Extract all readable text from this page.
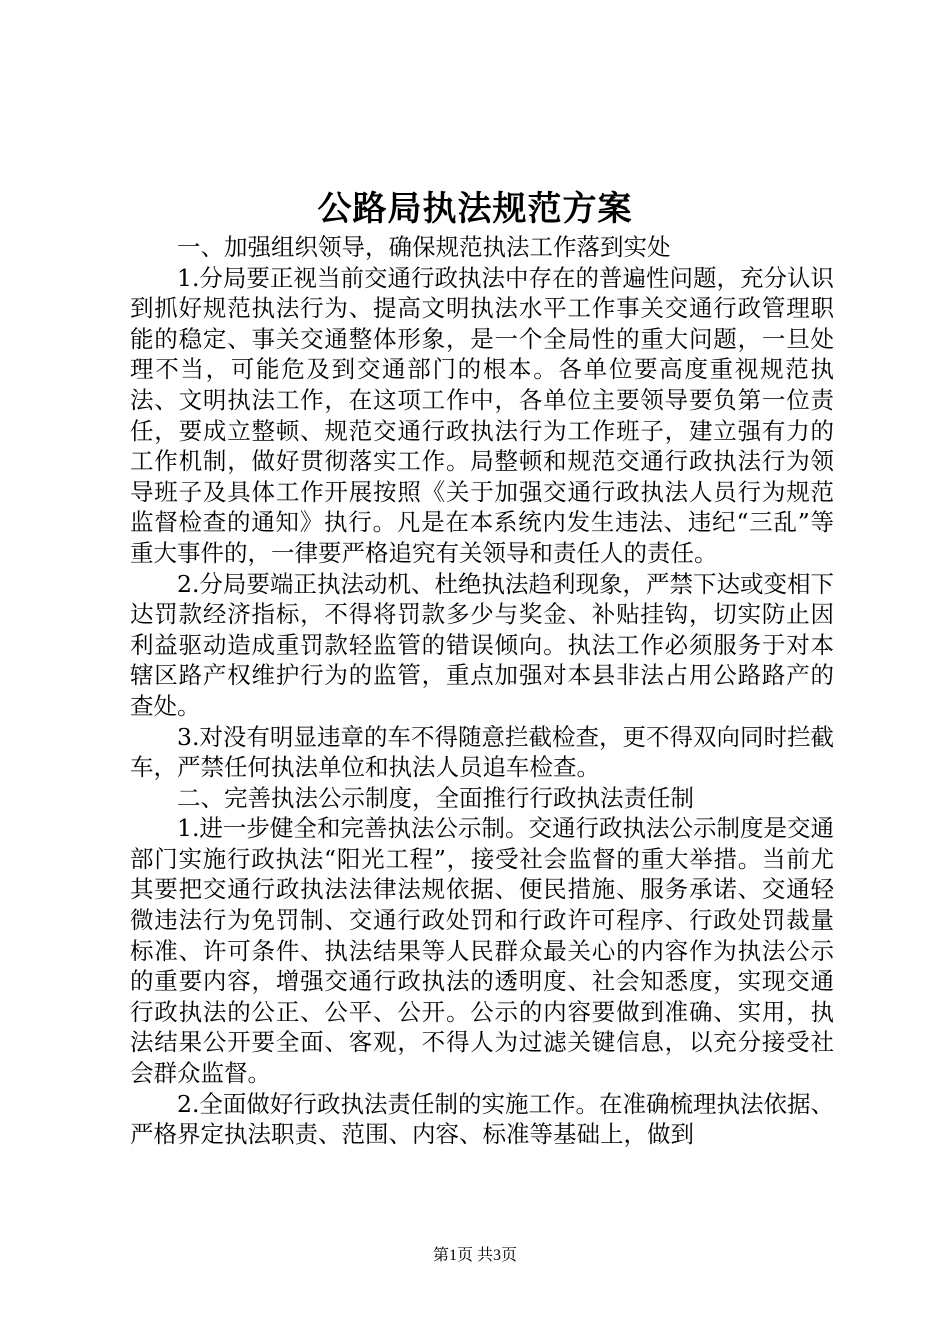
公路局执法规范方案

一、加强组织领导，确保规范执法工作落到实处

1.分局要正视当前交通行政执法中存在的普遍性问题，充分认识到抓好规范执法行为、提高文明执法水平工作事关交通行政管理职能的稳定、事关交通整体形象，是一个全局性的重大问题，一旦处理不当，可能危及到交通部门的根本。各单位要高度重视规范执法、文明执法工作，在这项工作中，各单位主要领导要负第一位责任，要成立整顿、规范交通行政执法行为工作班子，建立强有力的工作机制，做好贯彻落实工作。局整顿和规范交通行政执法行为领导班子及具体工作开展按照《关于加强交通行政执法人员行为规范监督检查的通知》执行。凡是在本系统内发生违法、违纪“三乱”等重大事件的，一律要严格追究有关领导和责任人的责任。

2.分局要端正执法动机、杜绝执法趋利现象，严禁下达或变相下达罚款经济指标，不得将罚款多少与奖金、补贴挂钩，切实防止因利益驱动造成重罚款轻监管的错误倾向。执法工作必须服务于对本辖区路产权维护行为的监管，重点加强对本县非法占用公路路产的查处。

3.对没有明显违章的车不得随意拦截检查，更不得双向同时拦截车，严禁任何执法单位和执法人员追车检查。

二、完善执法公示制度，全面推行行政执法责任制

1.进一步健全和完善执法公示制。交通行政执法公示制度是交通部门实施行政执法“阳光工程”，接受社会监督的重大举措。当前尤其要把交通行政执法法律法规依据、便民措施、服务承诺、交通轻微违法行为免罚制、交通行政处罚和行政许可程序、行政处罚裁量标准、许可条件、执法结果等人民群众最关心的内容作为执法公示的重要内容，增强交通行政执法的透明度、社会知悉度，实现交通行政执法的公正、公平、公开。公示的内容要做到准确、实用，执法结果公开要全面、客观，不得人为过滤关键信息，以充分接受社会群众监督。

2.全面做好行政执法责任制的实施工作。在准确梳理执法依据、严格界定执法职责、范围、内容、标准等基础上，做到

第1页 共3页
